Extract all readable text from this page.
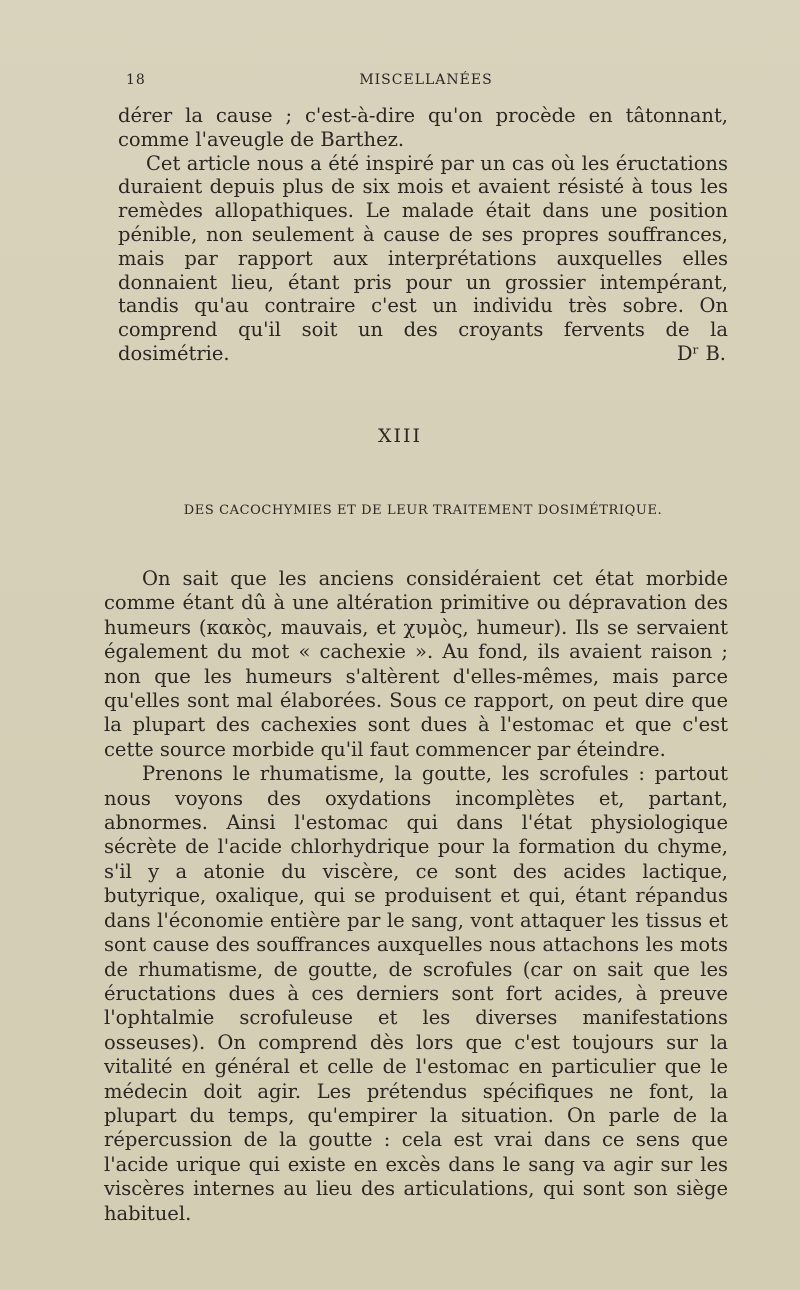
18	MISCELLANÉES

dérer la cause ; c'est-à-dire qu'on procède en tâtonnant, comme l'aveugle de Barthez.

Cet article nous a été inspiré par un cas où les éructations duraient depuis plus de six mois et avaient résisté à tous les remèdes allopathiques. Le malade était dans une position pénible, non seulement à cause de ses propres souffrances, mais par rapport aux interprétations auxquelles elles donnaient lieu, étant pris pour un grossier intempérant, tandis qu'au contraire c'est un individu très sobre. On comprend qu'il soit un des croyants fervents de la dosimétrie.	Dʳ B.
XIII
DES CACOCHYMIES ET DE LEUR TRAITEMENT DOSIMÉTRIQUE.

On sait que les anciens considéraient cet état morbide comme étant dû à une altération primitive ou dépravation des humeurs (κακὸς, mauvais, et χυμὸς, humeur). Ils se servaient également du mot « cachexie ». Au fond, ils avaient raison ; non que les humeurs s'altèrent d'elles-mêmes, mais parce qu'elles sont mal élaborées. Sous ce rapport, on peut dire que la plupart des cachexies sont dues à l'estomac et que c'est cette source morbide qu'il faut commencer par éteindre.

Prenons le rhumatisme, la goutte, les scrofules : partout nous voyons des oxydations incomplètes et, partant, abnormes. Ainsi l'estomac qui dans l'état physiologique sécrète de l'acide chlorhydrique pour la formation du chyme, s'il y a atonie du viscère, ce sont des acides lactique, butyrique, oxalique, qui se produisent et qui, étant répandus dans l'économie entière par le sang, vont attaquer les tissus et sont cause des souffrances auxquelles nous attachons les mots de rhumatisme, de goutte, de scrofules (car on sait que les éructations dues à ces derniers sont fort acides, à preuve l'ophtalmie scrofuleuse et les diverses manifestations osseuses). On comprend dès lors que c'est toujours sur la vitalité en général et celle de l'estomac en particulier que le médecin doit agir. Les prétendus spécifiques ne font, la plupart du temps, qu'empirer la situation. On parle de la répercussion de la goutte : cela est vrai dans ce sens que l'acide urique qui existe en excès dans le sang va agir sur les viscères internes au lieu des articulations, qui sont son siège habituel.
